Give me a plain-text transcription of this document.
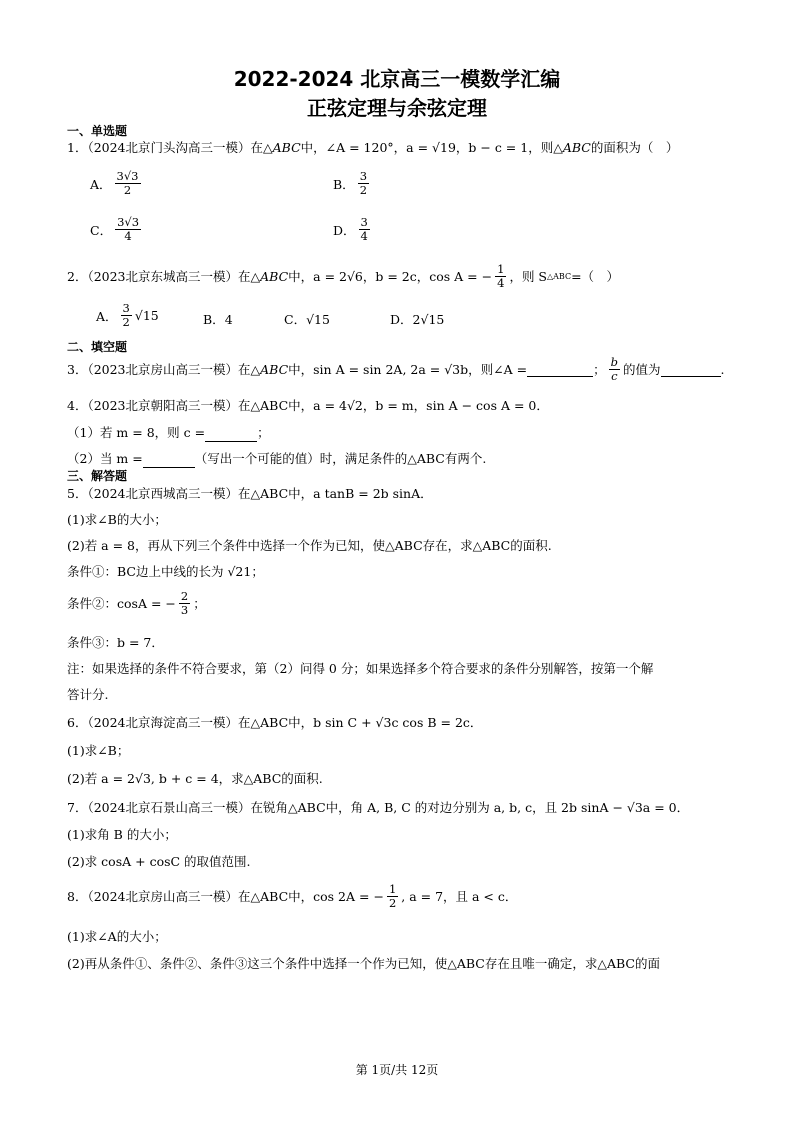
2022-2024 北京高三一模数学汇编
正弦定理与余弦定理
一、单选题
1．（2024北京门头沟高三一模）在△ABC中，∠A = 120°，a = √19，b − c = 1，则△ABC的面积为（　）
A． $\frac{3√3}{2}$	B． $\frac{3}{2}$
C． $\frac{3√3}{4}$	D． $\frac{3}{4}$
2．（2023北京东城高三一模）在 △ABC 中，a = 2√6，b = 2c，cos A = − $\frac{1}{4}$ ，则 S △ABC =（　）
A． $\frac{3}{2} √15$	B． 4	C． √15	D． 2√15
二、填空题
3．（2023北京房山高三一模）在 △ABC 中，sin A = sin 2A, 2a = √3b，则∠A =	； $\frac{b}{c}$ 的值为	.
4．（2023北京朝阳高三一模）在△ABC中，a = 4√2，b = m，sin A − cos A = 0．
（1）若 m = 8，则 c =	；
（2）当 m =	（写出一个可能的值）时，满足条件的△ABC有两个.
三、解答题
5．（2024北京西城高三一模）在△ABC中，a tanB = 2b sinA．
(1)求∠B的大小；
(2)若 a = 8，再从下列三个条件中选择一个作为已知，使△ABC存在，求△ABC的面积.
条件①：BC边上中线的长为 √21；
条件②：cosA = − $\frac{2}{3}$ ；
条件③：b = 7．
注：如果选择的条件不符合要求，第（2）问得 0 分；如果选择多个符合要求的条件分别解答，按第一个解
答计分.
6．（2024北京海淀高三一模）在△ABC中，b sin C + √3c cos B = 2c．
(1)求∠B；
(2)若 a = 2√3, b + c = 4，求△ABC的面积.
7．（2024北京石景山高三一模）在锐角△ABC中，角 A, B, C 的对边分别为 a, b, c，且 2b sinA − √3a = 0．
(1)求角 B 的大小；
(2)求 cosA + cosC 的取值范围.
8．（2024北京房山高三一模）在△ABC中，cos 2A = − $\frac{1}{2}$ , a = 7，且 a < c．
(1)求∠A的大小；
(2)再从条件①、条件②、条件③这三个条件中选择一个作为已知，使△ABC存在且唯一确定，求△ABC的面
第 1页/共 12页
